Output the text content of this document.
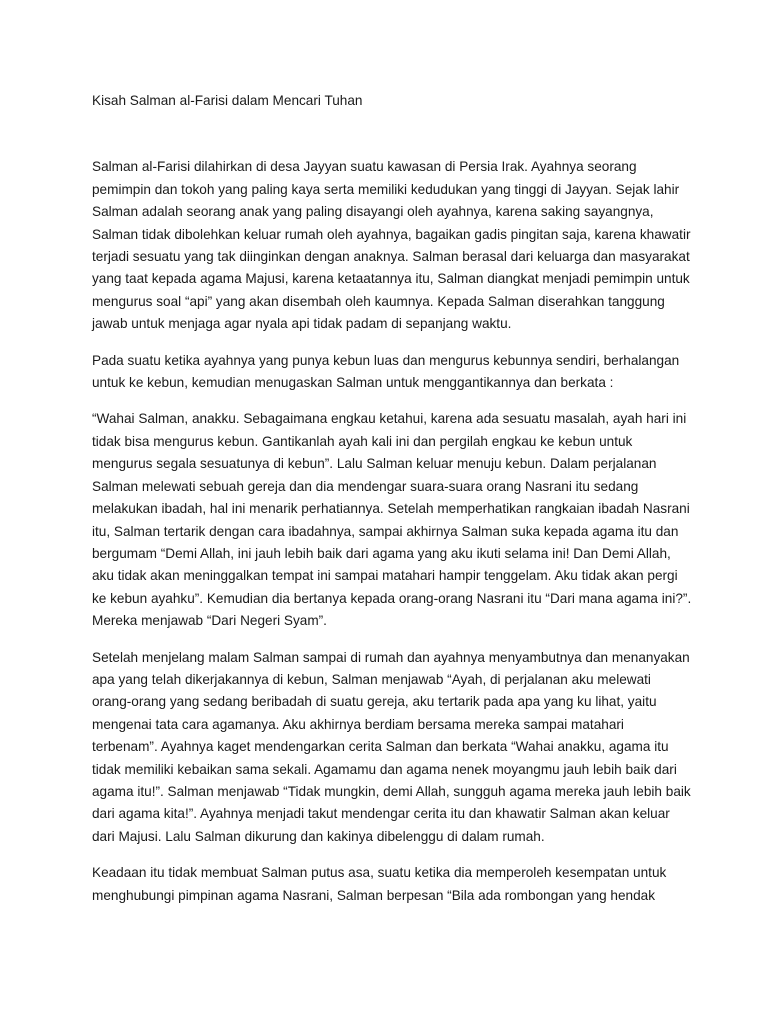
Kisah Salman al-Farisi dalam Mencari Tuhan

Salman al-Farisi dilahirkan di desa Jayyan suatu kawasan di Persia Irak. Ayahnya seorang pemimpin dan tokoh yang paling kaya serta memiliki kedudukan yang tinggi di Jayyan. Sejak lahir Salman adalah seorang anak yang paling disayangi oleh ayahnya, karena saking sayangnya, Salman tidak dibolehkan keluar rumah oleh ayahnya, bagaikan gadis pingitan saja, karena khawatir terjadi sesuatu yang tak diinginkan dengan anaknya. Salman berasal dari keluarga dan masyarakat yang taat kepada agama Majusi, karena ketaatannya itu, Salman diangkat menjadi pemimpin untuk mengurus soal “api” yang akan disembah oleh kaumnya. Kepada Salman diserahkan tanggung jawab untuk menjaga agar nyala api tidak padam di sepanjang waktu.

Pada suatu ketika ayahnya yang punya kebun luas dan mengurus kebunnya sendiri, berhalangan untuk ke kebun, kemudian menugaskan Salman untuk menggantikannya dan berkata :

“Wahai Salman, anakku. Sebagaimana engkau ketahui, karena ada sesuatu masalah, ayah hari ini tidak bisa mengurus kebun. Gantikanlah ayah kali ini dan pergilah engkau ke kebun untuk mengurus segala sesuatunya di kebun”. Lalu Salman keluar menuju kebun. Dalam perjalanan Salman melewati sebuah gereja dan dia mendengar suara-suara orang Nasrani itu sedang melakukan ibadah, hal ini menarik perhatiannya. Setelah memperhatikan rangkaian ibadah Nasrani itu, Salman tertarik dengan cara ibadahnya, sampai akhirnya Salman suka kepada agama itu dan bergumam “Demi Allah, ini jauh lebih baik dari agama yang aku ikuti selama ini! Dan Demi Allah, aku tidak akan meninggalkan tempat ini sampai matahari hampir tenggelam. Aku tidak akan pergi ke kebun ayahku”. Kemudian dia bertanya kepada orang-orang Nasrani itu “Dari mana agama ini?”. Mereka menjawab “Dari Negeri Syam”.

Setelah menjelang malam Salman sampai di rumah dan ayahnya menyambutnya dan menanyakan apa yang telah dikerjakannya di kebun, Salman menjawab “Ayah, di perjalanan aku melewati orang-orang yang sedang beribadah di suatu gereja, aku tertarik pada apa yang ku lihat, yaitu mengenai tata cara agamanya. Aku akhirnya berdiam bersama mereka sampai matahari terbenam”. Ayahnya kaget mendengarkan cerita Salman dan berkata “Wahai anakku, agama itu tidak memiliki kebaikan sama sekali. Agamamu dan agama nenek moyangmu jauh lebih baik dari agama itu!”. Salman menjawab “Tidak mungkin, demi Allah, sungguh agama mereka jauh lebih baik dari agama kita!”. Ayahnya menjadi takut mendengar cerita itu dan khawatir Salman akan keluar dari Majusi. Lalu Salman dikurung dan kakinya dibelenggu di dalam rumah.

Keadaan itu tidak membuat Salman putus asa, suatu ketika dia memperoleh kesempatan untuk menghubungi pimpinan agama Nasrani, Salman berpesan “Bila ada rombongan yang hendak
